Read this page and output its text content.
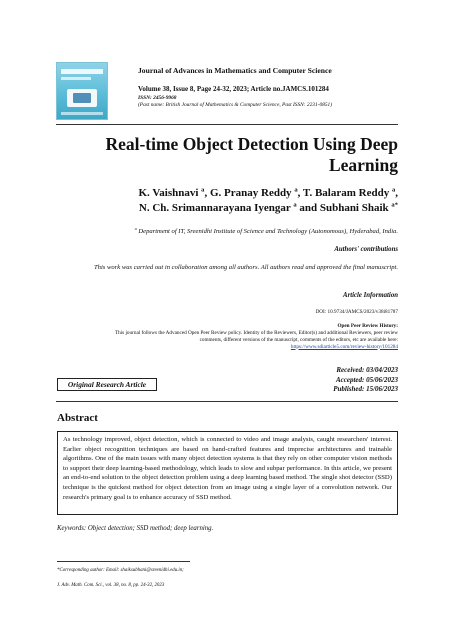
Journal of Advances in Mathematics and Computer Science
Volume 38, Issue 8, Page 24-32, 2023; Article no.JAMCS.101284
ISSN: 2456-9968
(Past name: British Journal of Mathematics & Computer Science, Past ISSN: 2231-0851)
Real-time Object Detection Using Deep
Learning
K. Vaishnavi $^a$, G. Pranay Reddy $^a$, T. Balaram Reddy $^a$,
N. Ch. Srimannarayana Iyengar $^a$ and Subhani Shaik $^{a*}$
$^a$ Department of IT, Sreenidhi Institute of Science and Technology (Autonomous), Hyderabad, India.
Authors' contributions
This work was carried out in collaboration among all authors. All authors read and approved the final manuscript.
Article Information
DOI: 10.9734/JAMCS/2023/v38i81787
Open Peer Review History:
This journal follows the Advanced Open Peer Review policy. Identity of the Reviewers, Editor(s) and additional Reviewers, peer review
comments, different versions of the manuscript, comments of the editors, etc are available here:
https://www.sdiarticle5.com/review-history/101284
Original Research Article
Received: 03/04/2023
Accepted: 05/06/2023
Published: 15/06/2023
Abstract
As technology improved, object detection, which is connected to video and image analysis, caught researchers' interest. Earlier object recognition techniques are based on hand-crafted features and imprecise architectures and trainable algorithms. One of the main issues with many object detection systems is that they rely on other computer vision methods to support their deep learning-based methodology, which leads to slow and subpar performance. In this article, we present an end-to-end solution to the object detection problem using a deep learning based method. The single shot detector (SSD) technique is the quickest method for object detection from an image using a single layer of a convolution network. Our research's primary goal is to enhance accuracy of SSD method.
Keywords: Object detection; SSD method; deep learning.
*Corresponding author: Email: shaiksubhani@sreenidhi.edu.in;
J. Adv. Math. Com. Sci., vol. 38, no. 8, pp. 24-32, 2023
